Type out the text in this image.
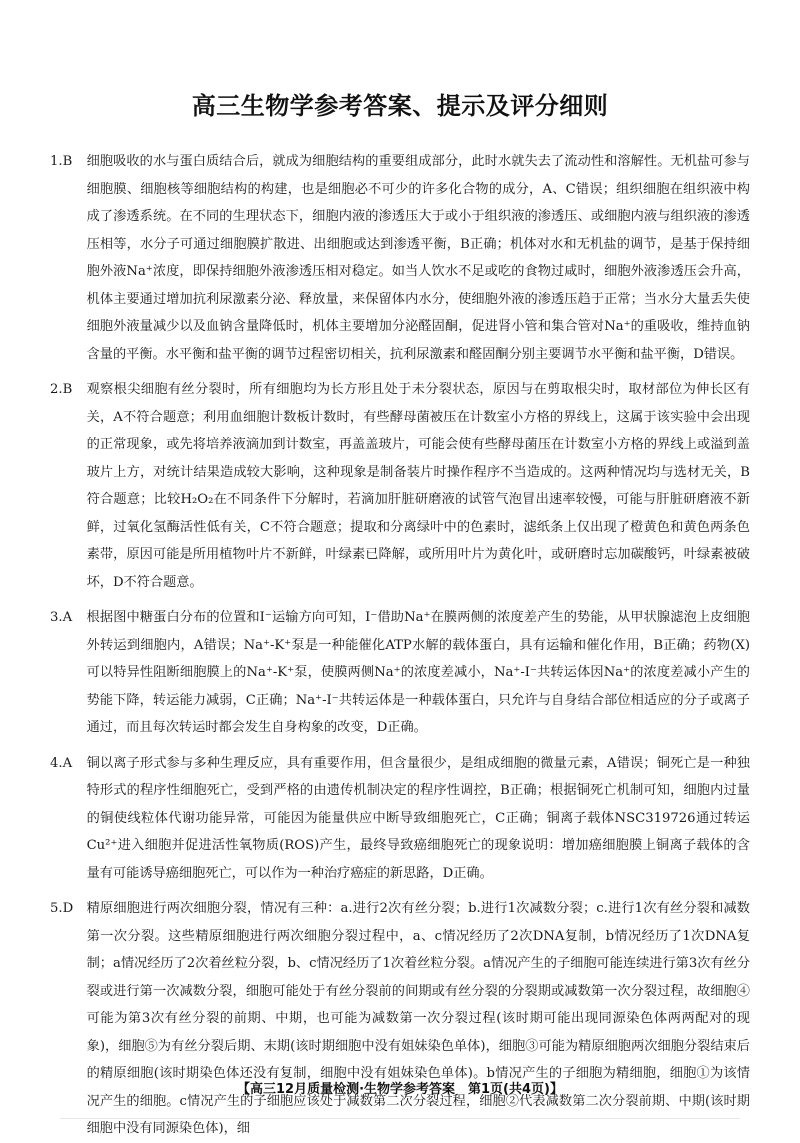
高三生物学参考答案、提示及评分细则
1. B	细胞吸收的水与蛋白质结合后，就成为细胞结构的重要组成部分，此时水就失去了流动性和溶解性。无机盐可参与细胞膜、细胞核等细胞结构的构建，也是细胞必不可少的许多化合物的成分，A、C错误；组织细胞在组织液中构成了渗透系统。在不同的生理状态下，细胞内液的渗透压大于或小于组织液的渗透压、或细胞内液与组织液的渗透压相等，水分子可通过细胞膜扩散进、出细胞或达到渗透平衡，B正确；机体对水和无机盐的调节，是基于保持细胞外液Na⁺浓度，即保持细胞外液渗透压相对稳定。如当人饮水不足或吃的食物过咸时，细胞外液渗透压会升高，机体主要通过增加抗利尿激素分泌、释放量，来保留体内水分，使细胞外液的渗透压趋于正常；当水分大量丢失使细胞外液量减少以及血钠含量降低时，机体主要增加分泌醛固酮，促进肾小管和集合管对Na⁺的重吸收，维持血钠含量的平衡。水平衡和盐平衡的调节过程密切相关，抗利尿激素和醛固酮分别主要调节水平衡和盐平衡，D错误。
2. B	观察根尖细胞有丝分裂时，所有细胞均为长方形且处于未分裂状态，原因与在剪取根尖时，取材部位为伸长区有关，A不符合题意；利用血细胞计数板计数时，有些酵母菌被压在计数室小方格的界线上，这属于该实验中会出现的正常现象，或先将培养液滴加到计数室，再盖盖玻片，可能会使有些酵母菌压在计数室小方格的界线上或溢到盖玻片上方，对统计结果造成较大影响，这种现象是制备装片时操作程序不当造成的。这两种情况均与选材无关，B符合题意；比较H₂O₂在不同条件下分解时，若滴加肝脏研磨液的试管气泡冒出速率较慢，可能与肝脏研磨液不新鲜，过氧化氢酶活性低有关，C不符合题意；提取和分离绿叶中的色素时，滤纸条上仅出现了橙黄色和黄色两条色素带，原因可能是所用植物叶片不新鲜，叶绿素已降解，或所用叶片为黄化叶，或研磨时忘加碳酸钙，叶绿素被破坏，D不符合题意。
3. A	根据图中糖蛋白分布的位置和I⁻运输方向可知，I⁻借助Na⁺在膜两侧的浓度差产生的势能，从甲状腺滤泡上皮细胞外转运到细胞内，A错误；Na⁺-K⁺泵是一种能催化ATP水解的载体蛋白，具有运输和催化作用，B正确；药物(X)可以特异性阻断细胞膜上的Na⁺-K⁺泵，使膜两侧Na⁺的浓度差减小，Na⁺-I⁻共转运体因Na⁺的浓度差减小产生的势能下降，转运能力减弱，C正确；Na⁺-I⁻共转运体是一种载体蛋白，只允许与自身结合部位相适应的分子或离子通过，而且每次转运时都会发生自身构象的改变，D正确。
4. A	铜以离子形式参与多种生理反应，具有重要作用，但含量很少，是组成细胞的微量元素，A错误；铜死亡是一种独特形式的程序性细胞死亡，受到严格的由遗传机制决定的程序性调控，B正确；根据铜死亡机制可知，细胞内过量的铜使线粒体代谢功能异常，可能因为能量供应中断导致细胞死亡，C正确；铜离子载体NSC319726通过转运Cu²⁺进入细胞并促进活性氧物质(ROS)产生，最终导致癌细胞死亡的现象说明：增加癌细胞膜上铜离子载体的含量有可能诱导癌细胞死亡，可以作为一种治疗癌症的新思路，D正确。
5. D	精原细胞进行两次细胞分裂，情况有三种：a.进行2次有丝分裂；b.进行1次减数分裂；c.进行1次有丝分裂和减数第一次分裂。这些精原细胞进行两次细胞分裂过程中，a、c情况经历了2次DNA复制，b情况经历了1次DNA复制；a情况经历了2次着丝粒分裂，b、c情况经历了1次着丝粒分裂。a情况产生的子细胞可能连续进行第3次有丝分裂或进行第一次减数分裂，细胞可能处于有丝分裂前的间期或有丝分裂的分裂期或减数第一次分裂过程，故细胞④可能为第3次有丝分裂的前期、中期，也可能为减数第一次分裂过程(该时期可能出现同源染色体两两配对的现象)，细胞⑤为有丝分裂后期、末期(该时期细胞中没有姐妹染色单体)，细胞③可能为精原细胞两次细胞分裂结束后的精原细胞(该时期染色体还没有复制，细胞中没有姐妹染色单体)。b情况产生的子细胞为精细胞，细胞①为该情况产生的细胞。c情况产生的子细胞应该处于减数第二次分裂过程，细胞②代表减数第二次分裂前期、中期(该时期细胞中没有同源染色体)，细
【高三12月质量检测·生物学参考答案　第1页(共4页)】
